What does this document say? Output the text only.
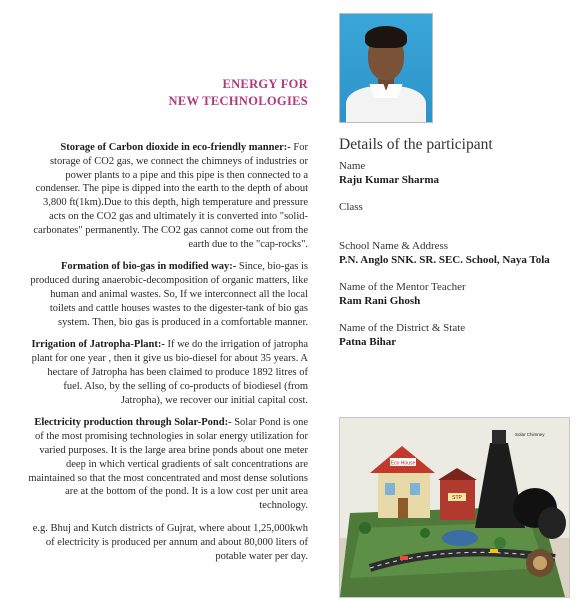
ENERGY FOR
NEW TECHNOLOGIES

Storage of Carbon dioxide in eco-friendly manner:- For storage of CO2 gas, we connect the chimneys of industries or power plants to a pipe and this pipe is then connected to a condenser. The pipe is dipped into the earth to the depth of about 3,800 ft(1km).Due to this depth, high temperature and pressure acts on the CO2 gas and ultimately it is converted into "solid-carbonates" permanently. The CO2 gas cannot come out from the earth due to the "cap-rocks".

Formation of bio-gas in modified way:- Since, bio-gas is produced during anaerobic-decomposition of organic matters, like human and animal wastes. So, If we interconnect all the local toilets and cattle houses wastes to the digester-tank of bio gas system. Then, bio gas is produced in a comfortable manner.

Irrigation of Jatropha-Plant:- If we do the irrigation of jatropha plant for one year , then it give us bio-diesel for about 35 years. A hectare of Jatropha has been claimed to produce 1892 litres of fuel. Also, by the selling of co-products of biodiesel (from Jatropha), we recover our initial capital cost.

Electricity production through Solar-Pond:- Solar Pond is one of the most promising technologies in solar energy utilization for varied purposes. It is the large area brine ponds about one meter deep in which vertical gradients of salt concentrations are maintained so that the most concentrated and most dense solutions are at the bottom of the pond. It is a low cost per unit area technology.

e.g. Bhuj and Kutch districts of Gujrat, where about 1,25,000kwh of electricity is produced per annum and about 80,000 liters of potable water per day.

Details of the participant
Name
Raju Kumar Sharma
Class
School Name & Address
P.N. Anglo SNK. SR. SEC. School, Naya Tola
Name of the Mentor Teacher
Ram Rani Ghosh
Name of the District & State
Patna Bihar
Eco House
STP
Solar Chimney
